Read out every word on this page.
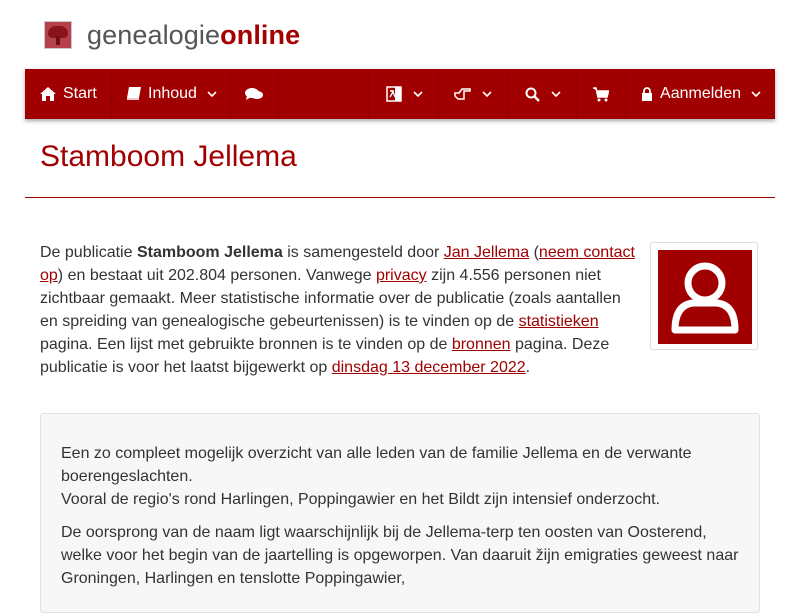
genealogieonline
Start	Inhoud	Aanmelden
Stamboom Jellema
De publicatie Stamboom Jellema is samengesteld door Jan Jellema (neem contact op) en bestaat uit 202.804 personen. Vanwege privacy zijn 4.556 personen niet zichtbaar gemaakt. Meer statistische informatie over de publicatie (zoals aantallen en spreiding van genealogische gebeurtenissen) is te vinden op de statistieken pagina. Een lijst met gebruikte bronnen is te vinden op de bronnen pagina. Deze publicatie is voor het laatst bijgewerkt op dinsdag 13 december 2022.

Een zo compleet mogelijk overzicht van alle leden van de familie Jellema en de verwante boerengeslachten.
Vooral de regio's rond Harlingen, Poppingawier en het Bildt zijn intensief onderzocht.

De oorsprong van de naam ligt waarschijnlijk bij de Jellema-terp ten oosten van Oosterend, welke voor het begin van de jaartelling is opgeworpen. Van daaruit žijn emigraties geweest naar Groningen, Harlingen en tenslotte Poppingawier,
